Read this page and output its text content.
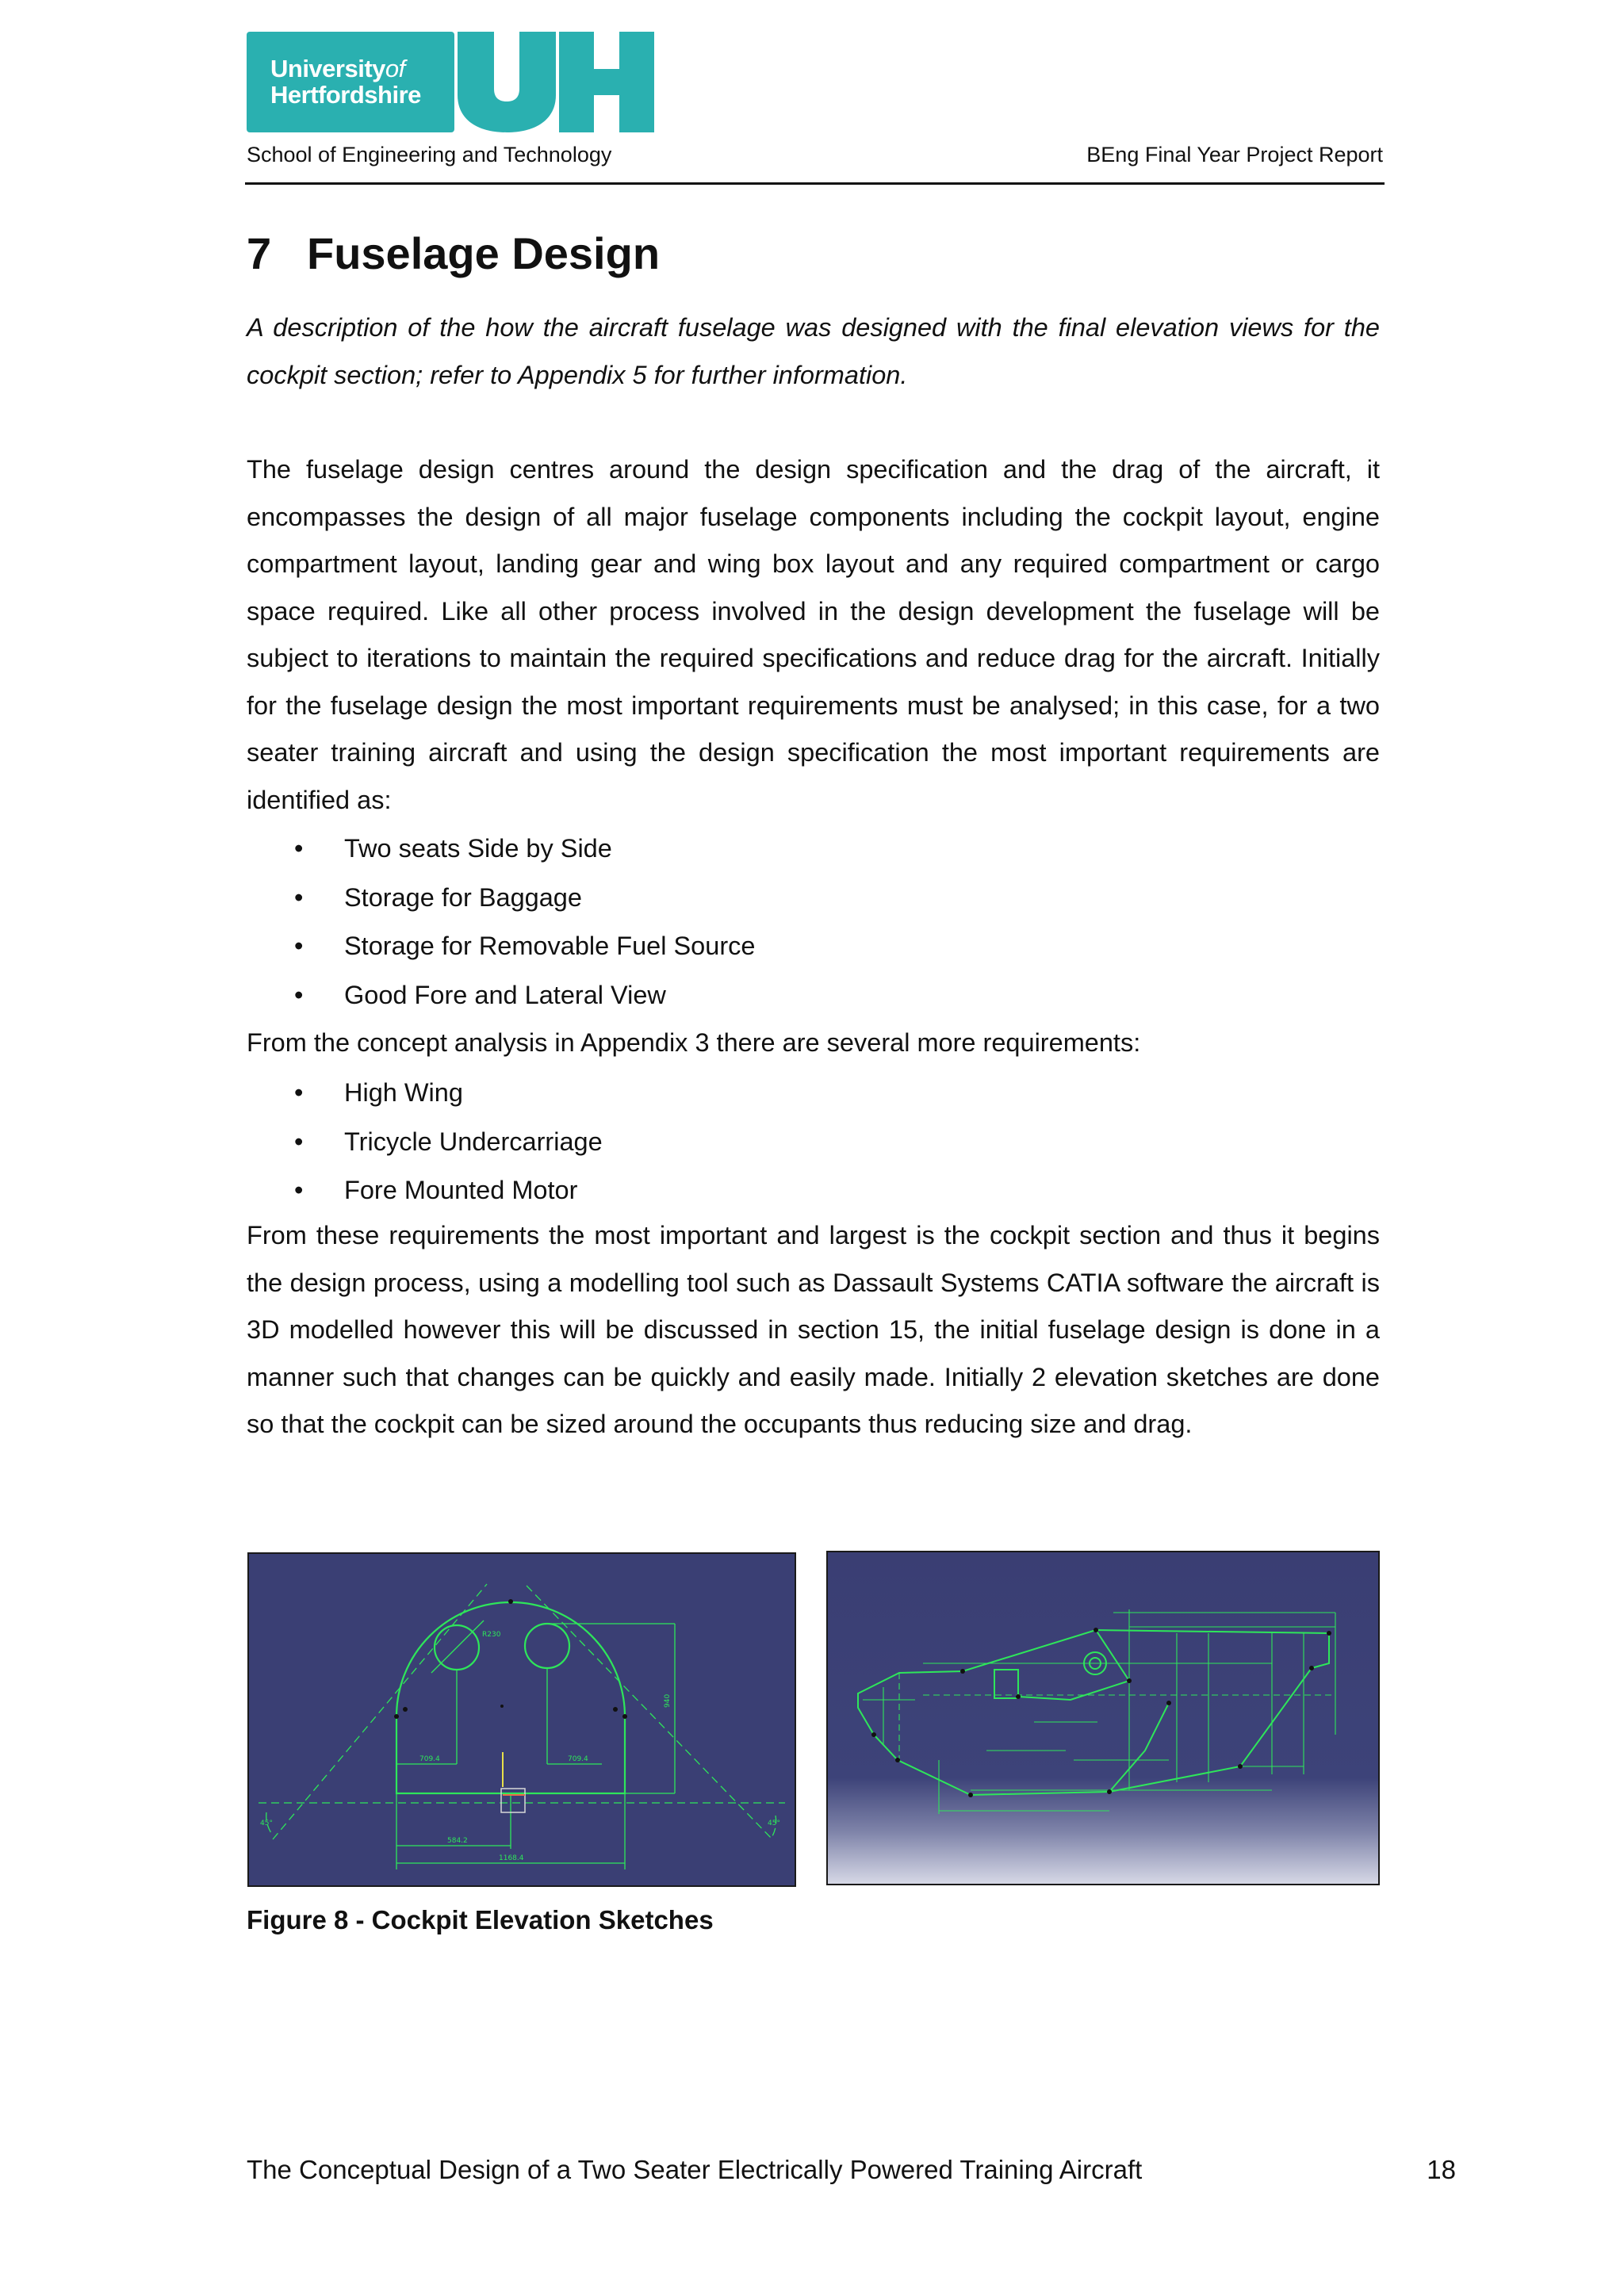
Universityof
Hertfordshire
School of Engineering and Technology	BEng Final Year Project Report
7 Fuselage Design

A description of the how the aircraft fuselage was designed with the final elevation views for the cockpit section; refer to Appendix 5 for further information.

The fuselage design centres around the design specification and the drag of the aircraft, it encompasses the design of all major fuselage components including the cockpit layout, engine compartment layout, landing gear and wing box layout and any required compartment or cargo space required. Like all other process involved in the design development the fuselage will be subject to iterations to maintain the required specifications and reduce drag for the aircraft. Initially for the fuselage design the most important requirements must be analysed; in this case, for a two seater training aircraft and using the design specification the most important requirements are identified as:

• Two seats Side by Side
• Storage for Baggage
• Storage for Removable Fuel Source
• Good Fore and Lateral View

From the concept analysis in Appendix 3 there are several more requirements:

• High Wing
• Tricycle Undercarriage
• Fore Mounted Motor

From these requirements the most important and largest is the cockpit section and thus it begins the design process, using a modelling tool such as Dassault Systems CATIA software the aircraft is 3D modelled however this will be discussed in section 15, the initial fuselage design is done in a manner such that changes can be quickly and easily made. Initially 2 elevation sketches are done so that the cockpit can be sized around the occupants thus reducing size and drag.

R230
940
709.4	709.4
584.2
1168.4
45°	45°
Figure 8 - Cockpit Elevation Sketches
The Conceptual Design of a Two Seater Electrically Powered Training Aircraft	18
